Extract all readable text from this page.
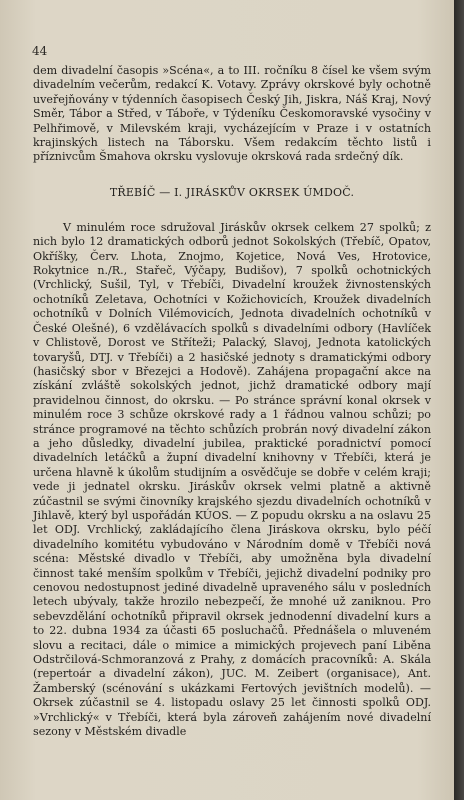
44

dem divadelní časopis »Scéna«, a to III. ročníku 8 čísel ke všem svým divadelním večerům, redakcí K. Votavy. Zprávy okrskové byly ochotně uveřejňovány v týdenních časopisech Český Jih, Jiskra, Náš Kraj, Nový Směr, Tábor a Střed, v Táboře, v Týdeníku Českomoravské vysočiny v Pelhřimově, v Milevském kraji, vycházejícím v Praze i v ostatních krajinských listech na Táborsku. Všem redakcím těchto listů i příznivcům Šmahova okrsku vyslovuje okrsková rada srdečný dík.

TŘEBÍČ — I. JIRÁSKŮV OKRSEK ÚMDOČ.

V minulém roce sdružoval Jiráskův okrsek celkem 27 spolků; z nich bylo 12 dramatických odborů jednot Sokolských (Třebíč, Opatov, Okříšky, Červ. Lhota, Znojmo, Kojetice, Nová Ves, Hrotovice, Rokytnice n./R., Stařeč, Výčapy, Budišov), 7 spolků ochotnických (Vrchlický, Sušil, Tyl, v Třebíči, Divadelní kroužek živnostenských ochotníků Zeletava, Ochotníci v Kožichovicích, Kroužek divadelních ochotníků v Dolních Vilémovicích, Jednota divadelních ochotníků v České Olešné), 6 vzdělávacích spolků s divadelními odbory (Havlíček v Chlistově, Dorost ve Stříteži; Palacký, Slavoj, Jednota katolických tovaryšů, DTJ. v Třebíči) a 2 hasičské jednoty s dramatickými odbory (hasičský sbor v Březejci a Hodově). Zahájena propagační akce na získání zvláště sokolských jednot, jichž dramatické odbory mají pravidelnou činnost, do okrsku. — Po stránce správní konal okrsek v minulém roce 3 schůze okrskové rady a 1 řádnou valnou schůzi; po stránce programové na těchto schůzích probrán nový divadelní zákon a jeho důsledky, divadelní jubilea, praktické poradnictví pomocí divadelních letáčků a župní divadelní knihovny v Třebíči, která je určena hlavně k úkolům studijním a osvědčuje se dobře v celém kraji; vede ji jednatel okrsku. Jiráskův okrsek velmi platně a aktivně zúčastnil se svými činovníky krajského sjezdu divadelních ochotníků v Jihlavě, který byl uspořádán KÚOS. — Z popudu okrsku a na oslavu 25 let ODJ. Vrchlický, zakládajícího člena Jiráskova okrsku, bylo péčí divadelního komitétu vybudováno v Národním domě v Třebíči nová scéna: Městské divadlo v Třebíči, aby umožněna byla divadelní činnost také menším spolkům v Třebíči, jejichž divadelní podniky pro cenovou nedostupnost jediné divadelně upraveného sálu v posledních letech ubývaly, takže hrozilo nebezpečí, že mnohé už zaniknou. Pro sebevzdělání ochotníků připravil okrsek jednodenní divadelní kurs a to 22. dubna 1934 za účasti 65 posluchačů. Přednášela o mluveném slovu a recitaci, dále o mimice a mimických projevech paní Liběna Odstrčilová-Schmoranzová z Prahy, z domácích pracovníků: A. Skála (repertoár a divadelní zákon), JUC. M. Zeibert (organisace), Ant. Žamberský (scénování s ukázkami Fertových jevištních modelů). — Okrsek zúčastnil se 4. listopadu oslavy 25 let činnosti spolků ODJ. »Vrchlický« v Třebíči, která byla zároveň zahájením nové divadelní sezony v Městském divadle
